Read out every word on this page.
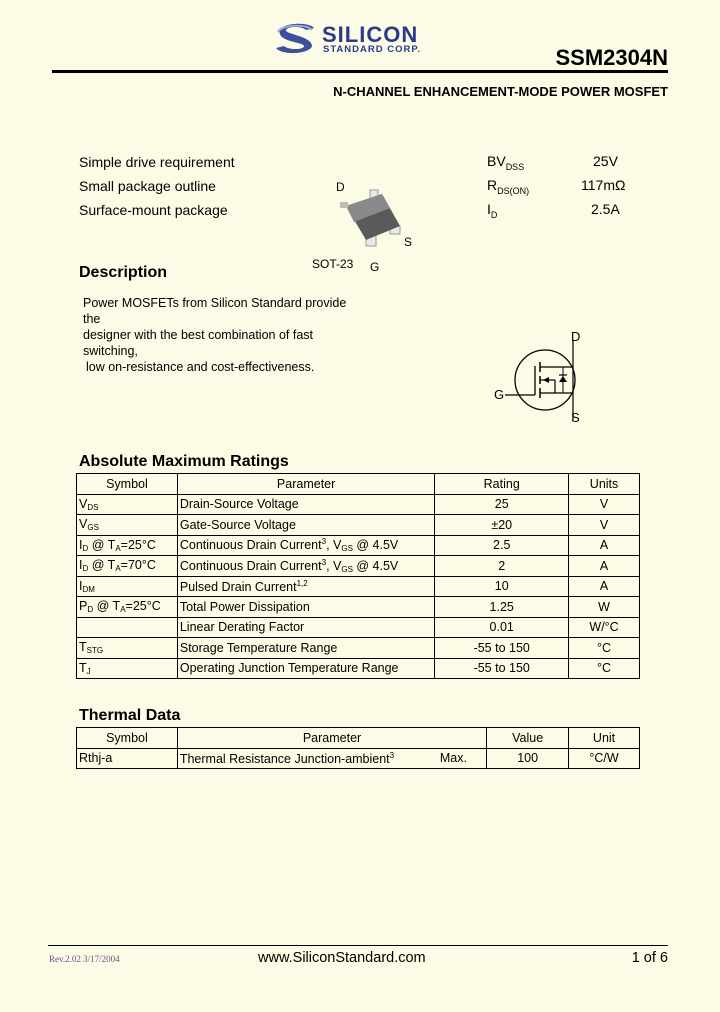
SILICON
STANDARD CORP.	SSM2304N
N-CHANNEL ENHANCEMENT-MODE POWER MOSFET
Simple drive requirement
Small package outline
Surface-mount package
$BV_{DSS}$	25V
$R_{DS(ON)}$	117mΩ
$I_D$	2.5A
D
S
SOT-23 G
Description
Power MOSFETs from Silicon Standard provide the
designer with the best combination of fast switching,
low on-resistance and cost-effectiveness.
D
G
S
Absolute Maximum Ratings
Symbol	Parameter	Rating	Units
$V_{DS}$	Drain-Source Voltage	25	V
$V_{GS}$	Gate-Source Voltage	±20	V
$I_D$ @ $T_A=25^\circ C$	Continuous Drain Current$^3$, $V_{GS}$ @ 4.5V	2.5	A
$I_D$ @ $T_A=70^\circ C$	Continuous Drain Current$^3$, $V_{GS}$ @ 4.5V	2	A
$I_{DM}$	Pulsed Drain Current$^{1,2}$	10	A
$P_D$ @ $T_A=25^\circ C$	Total Power Dissipation	1.25	W
	Linear Derating Factor	0.01	W/°C
$T_{STG}$	Storage Temperature Range	-55 to 150	°C
$T_J$	Operating Junction Temperature Range	-55 to 150	°C
Thermal Data
Symbol	Parameter	Value	Unit
Rthj-a	Thermal Resistance Junction-ambient$^3$ Max.	100	°C/W
Rev.2.02 3/17/2004	www.SiliconStandard.com	1 of 6
